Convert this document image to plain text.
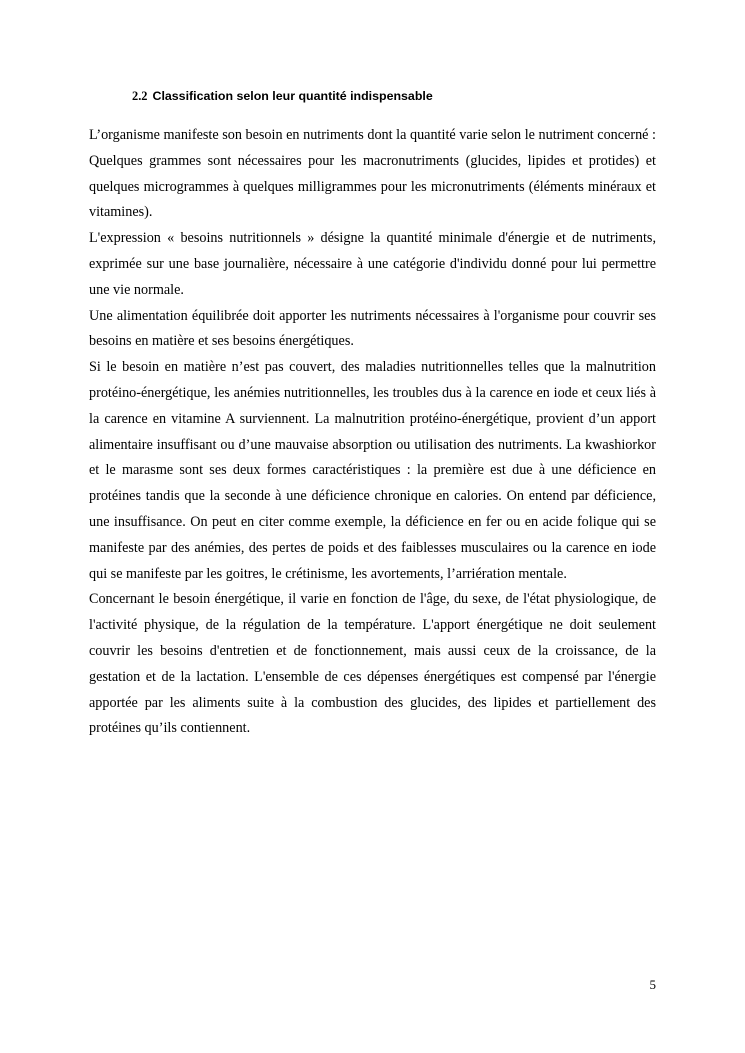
2.2 Classification selon leur quantité indispensable

L’organisme manifeste son besoin en nutriments dont la quantité varie selon le nutriment concerné : Quelques grammes sont nécessaires pour les macronutriments (glucides, lipides et protides) et quelques microgrammes à quelques milligrammes pour les micronutriments (éléments minéraux et vitamines).

L'expression « besoins nutritionnels » désigne la quantité minimale d'énergie et de nutriments, exprimée sur une base journalière, nécessaire à une catégorie d'individu donné pour lui permettre une vie normale.

Une alimentation équilibrée doit apporter les nutriments nécessaires à l'organisme pour couvrir ses besoins en matière et ses besoins énergétiques.

Si le besoin en matière n’est pas couvert, des maladies nutritionnelles telles que la malnutrition protéino-énergétique, les anémies nutritionnelles, les troubles dus à la carence en iode et ceux liés à la carence en vitamine A surviennent. La malnutrition protéino-énergétique, provient d’un apport alimentaire insuffisant ou d’une mauvaise absorption ou utilisation des nutriments. La kwashiorkor et le marasme sont ses deux formes caractéristiques : la première est due à une déficience en protéines tandis que la seconde à une déficience chronique en calories. On entend par déficience, une insuffisance. On peut en citer comme exemple, la déficience en fer ou en acide folique qui se manifeste par des anémies, des pertes de poids et des faiblesses musculaires ou la carence en iode qui se manifeste par les goitres, le crétinisme, les avortements, l’arriération mentale.

Concernant le besoin énergétique, il varie en fonction de l'âge, du sexe, de l'état physiologique, de l'activité physique, de la régulation de la température. L'apport énergétique ne doit seulement couvrir les besoins d'entretien et de fonctionnement, mais aussi ceux de la croissance, de la gestation et de la lactation. L'ensemble de ces dépenses énergétiques est compensé par l'énergie apportée par les aliments suite à la combustion des glucides, des lipides et partiellement des protéines qu’ils contiennent.

5
